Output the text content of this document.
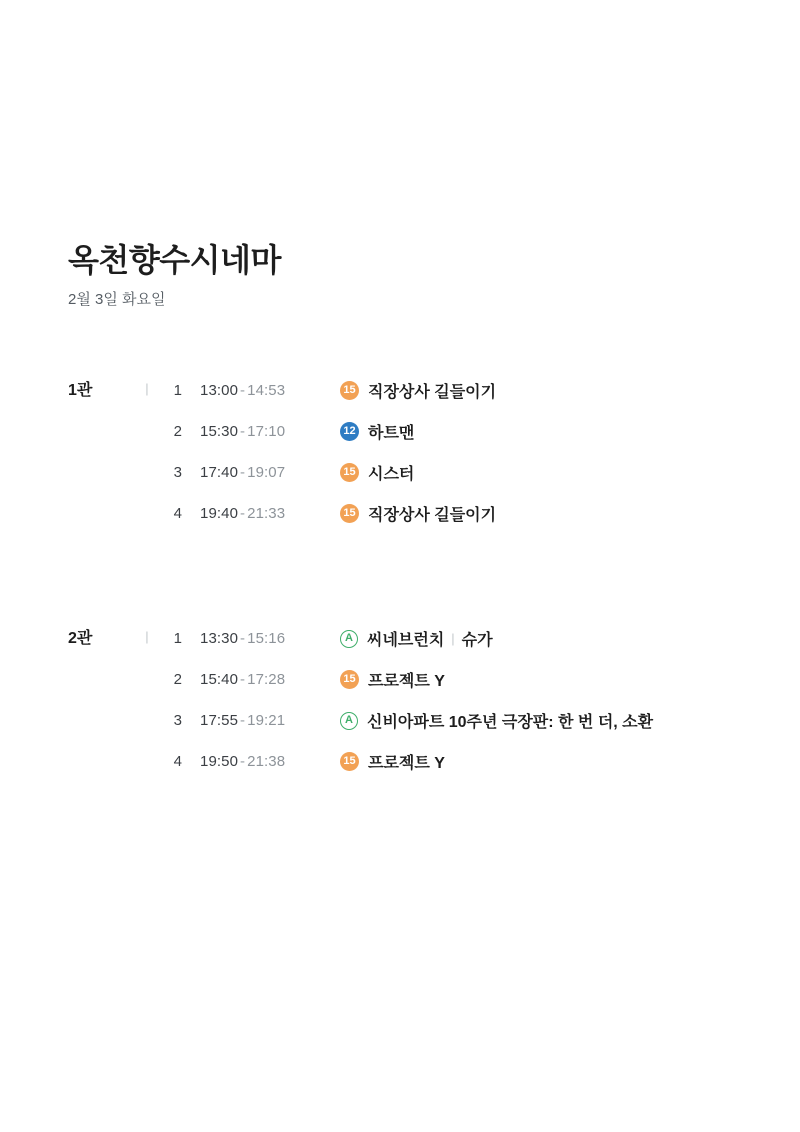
옥천향수시네마
2월 3일 화요일
1관	|	1 13:00 - 14:53	15 직장상사 길들이기
2 15:30 - 17:10	12 하트맨
3 17:40 - 19:07	15 시스터
4 19:40 - 21:33	15 직장상사 길들이기
2관	|	1 13:30 - 15:16	A 씨네브런치 | 슈가
2 15:40 - 17:28	15 프로젝트 Y
3 17:55 - 19:21	A 신비아파트 10주년 극장판: 한 번 더, 소환
4 19:50 - 21:38	15 프로젝트 Y
